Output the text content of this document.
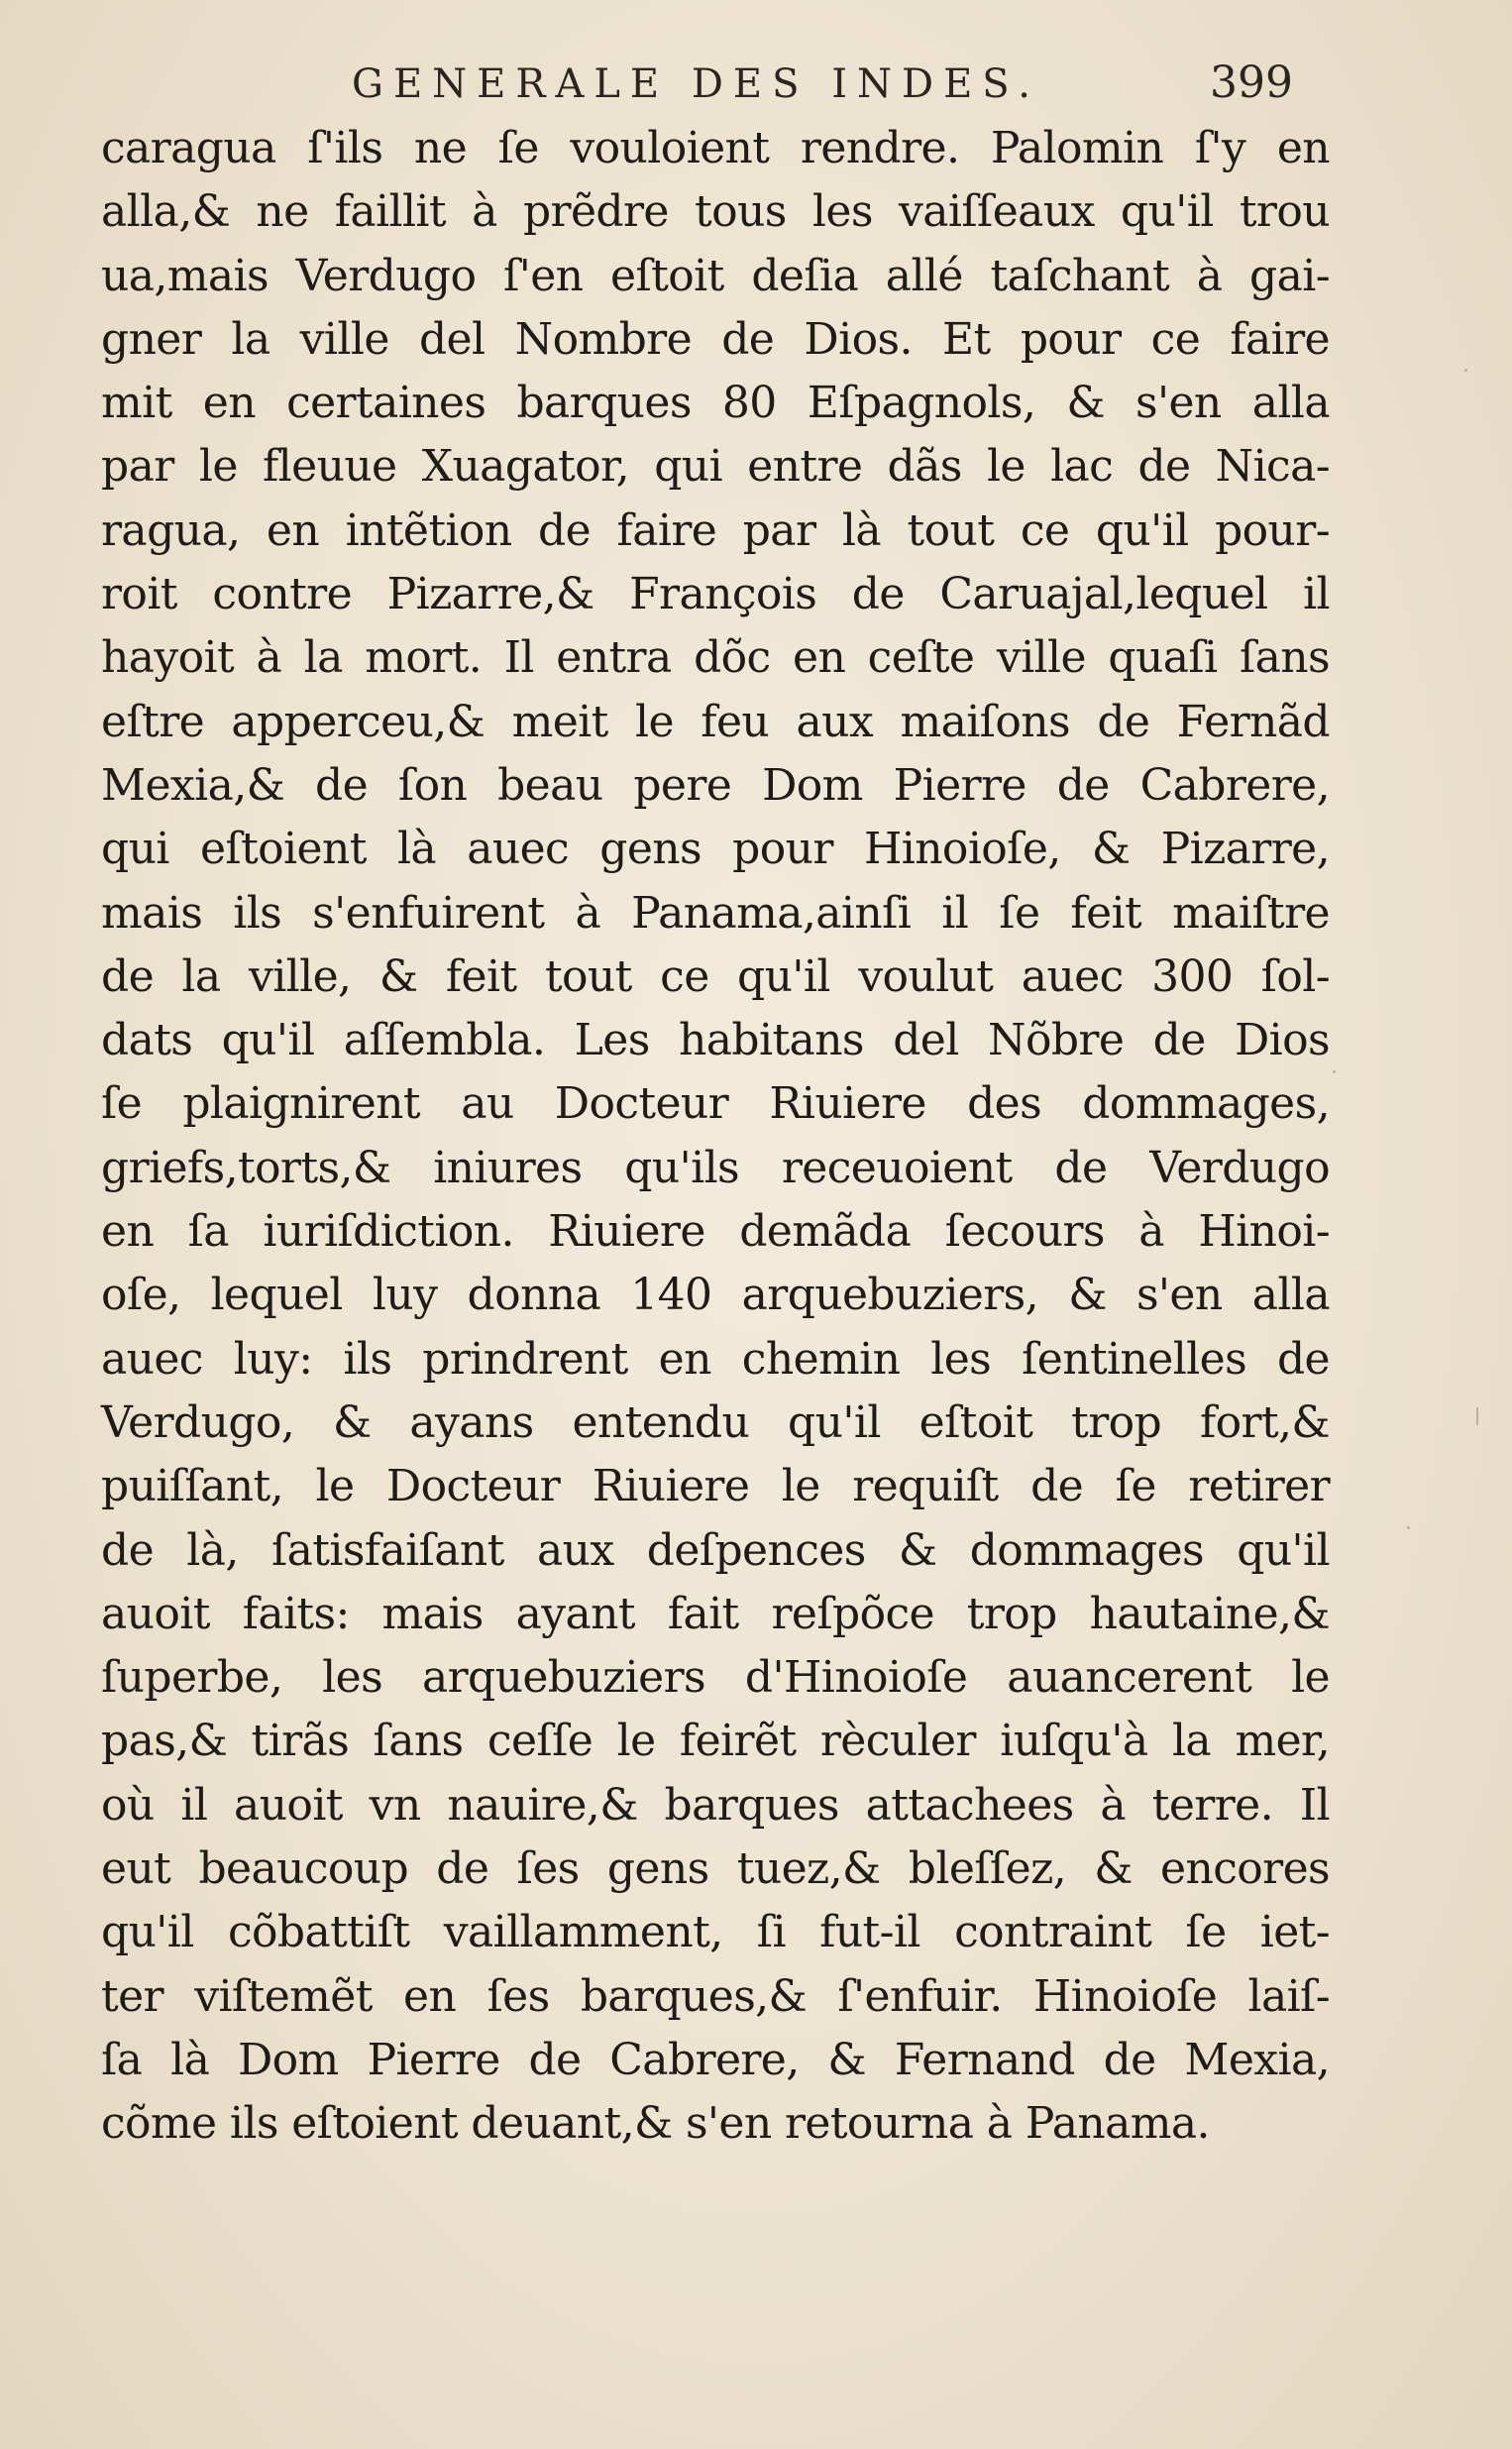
GENERALE DES INDES.	399
caragua ſ'ils ne ſe vouloient rendre. Palomin ſ'y en
alla,& ne faillit à prẽdre tous les vaiſſeaux qu'il trou
ua,mais Verdugo ſ'en eſtoit deſia allé taſchant à gai-
gner la ville del Nombre de Dios. Et pour ce faire
mit en certaines barques 80 Eſpagnols, & s'en alla
par le fleuue Xuagator, qui entre dãs le lac de Nica-
ragua, en intẽtion de faire par là tout ce qu'il pour-
roit contre Pizarre,& François de Caruajal,lequel il
hayoit à la mort. Il entra dõc en ceſte ville quaſi ſans
eſtre apperceu,& meit le feu aux maiſons de Fernãd
Mexia,& de ſon beau pere Dom Pierre de Cabrere,
qui eſtoient là auec gens pour Hinoioſe, & Pizarre,
mais ils s'enfuirent à Panama,ainſi il ſe feit maiſtre
de la ville, & feit tout ce qu'il voulut auec 300 ſol-
dats qu'il aſſembla. Les habitans del Nõbre de Dios
ſe plaignirent au Docteur Riuiere des dommages,
griefs,torts,& iniures qu'ils receuoient de Verdugo
en ſa iuriſdiction. Riuiere demãda ſecours à Hinoi-
oſe, lequel luy donna 140 arquebuziers, & s'en alla
auec luy: ils prindrent en chemin les ſentinelles de
Verdugo, & ayans entendu qu'il eſtoit trop fort,&
puiſſant, le Docteur Riuiere le requiſt de ſe retirer
de là, ſatisfaiſant aux deſpences & dommages qu'il
auoit faits: mais ayant fait reſpõce trop hautaine,&
ſuperbe, les arquebuziers d'Hinoioſe auancerent le
pas,& tirãs ſans ceſſe le feirẽt rèculer iuſqu'à la mer,
où il auoit vn nauire,& barques attachees à terre. Il
eut beaucoup de ſes gens tuez,& bleſſez, & encores
qu'il cõbattiſt vaillamment, ſi fut-il contraint ſe iet-
ter viſtemẽt en ſes barques,& ſ'enfuir. Hinoioſe laiſ-
ſa là Dom Pierre de Cabrere, & Fernand de Mexia,
cõme ils eſtoient deuant,& s'en retourna à Panama.
